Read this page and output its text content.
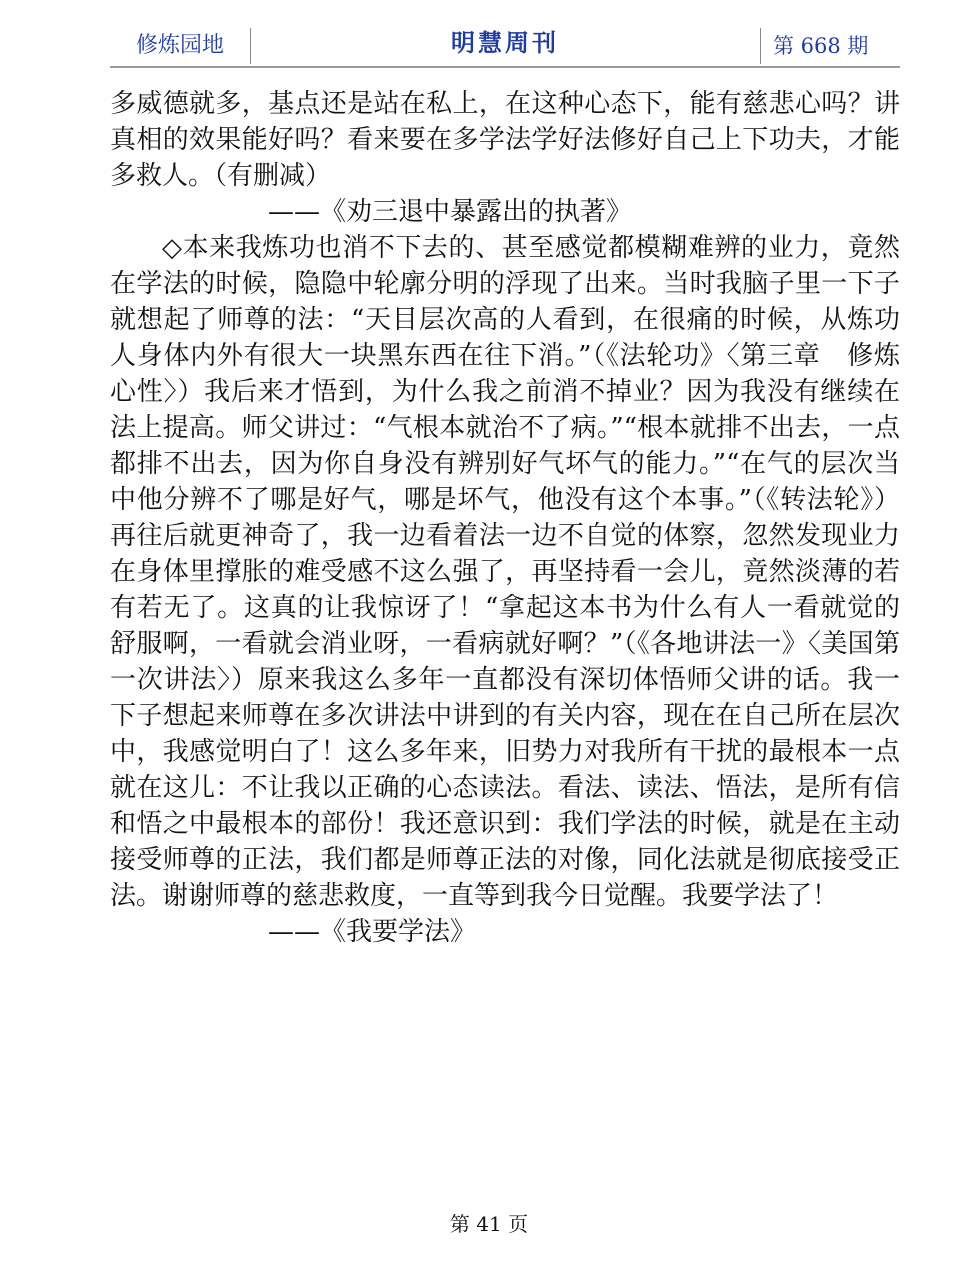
修炼园地	明慧周刊	第 668 期

多威德就多，基点还是站在私上，在这种心态下，能有慈悲心吗？讲真相的效果能好吗？看来要在多学法学好法修好自己上下功夫，才能多救人。（有删减）

——《劝三退中暴露出的执著》

◇本来我炼功也消不下去的、甚至感觉都模糊难辨的业力，竟然在学法的时候，隐隐中轮廓分明的浮现了出来。当时我脑子里一下子就想起了师尊的法：“天目层次高的人看到，在很痛的时候，从炼功人身体内外有很大一块黑东西在往下消。”（《法轮功》〈第三章　修炼心性〉）我后来才悟到，为什么我之前消不掉业？因为我没有继续在法上提高。师父讲过：“气根本就治不了病。”“根本就排不出去，一点都排不出去，因为你自身没有辨别好气坏气的能力。”“在气的层次当中他分辨不了哪是好气，哪是坏气，他没有这个本事。”（《转法轮》）再往后就更神奇了，我一边看着法一边不自觉的体察，忽然发现业力在身体里撑胀的难受感不这么强了，再坚持看一会儿，竟然淡薄的若有若无了。这真的让我惊讶了！“拿起这本书为什么有人一看就觉的舒服啊，一看就会消业呀，一看病就好啊？”（《各地讲法一》〈美国第一次讲法〉）原来我这么多年一直都没有深切体悟师父讲的话。我一下子想起来师尊在多次讲法中讲到的有关内容，现在在自己所在层次中，我感觉明白了！这么多年来，旧势力对我所有干扰的最根本一点就在这儿：不让我以正确的心态读法。看法、读法、悟法，是所有信和悟之中最根本的部份！我还意识到：我们学法的时候，就是在主动接受师尊的正法，我们都是师尊正法的对像，同化法就是彻底接受正法。谢谢师尊的慈悲救度，一直等到我今日觉醒。我要学法了！

——《我要学法》

第 41 页
